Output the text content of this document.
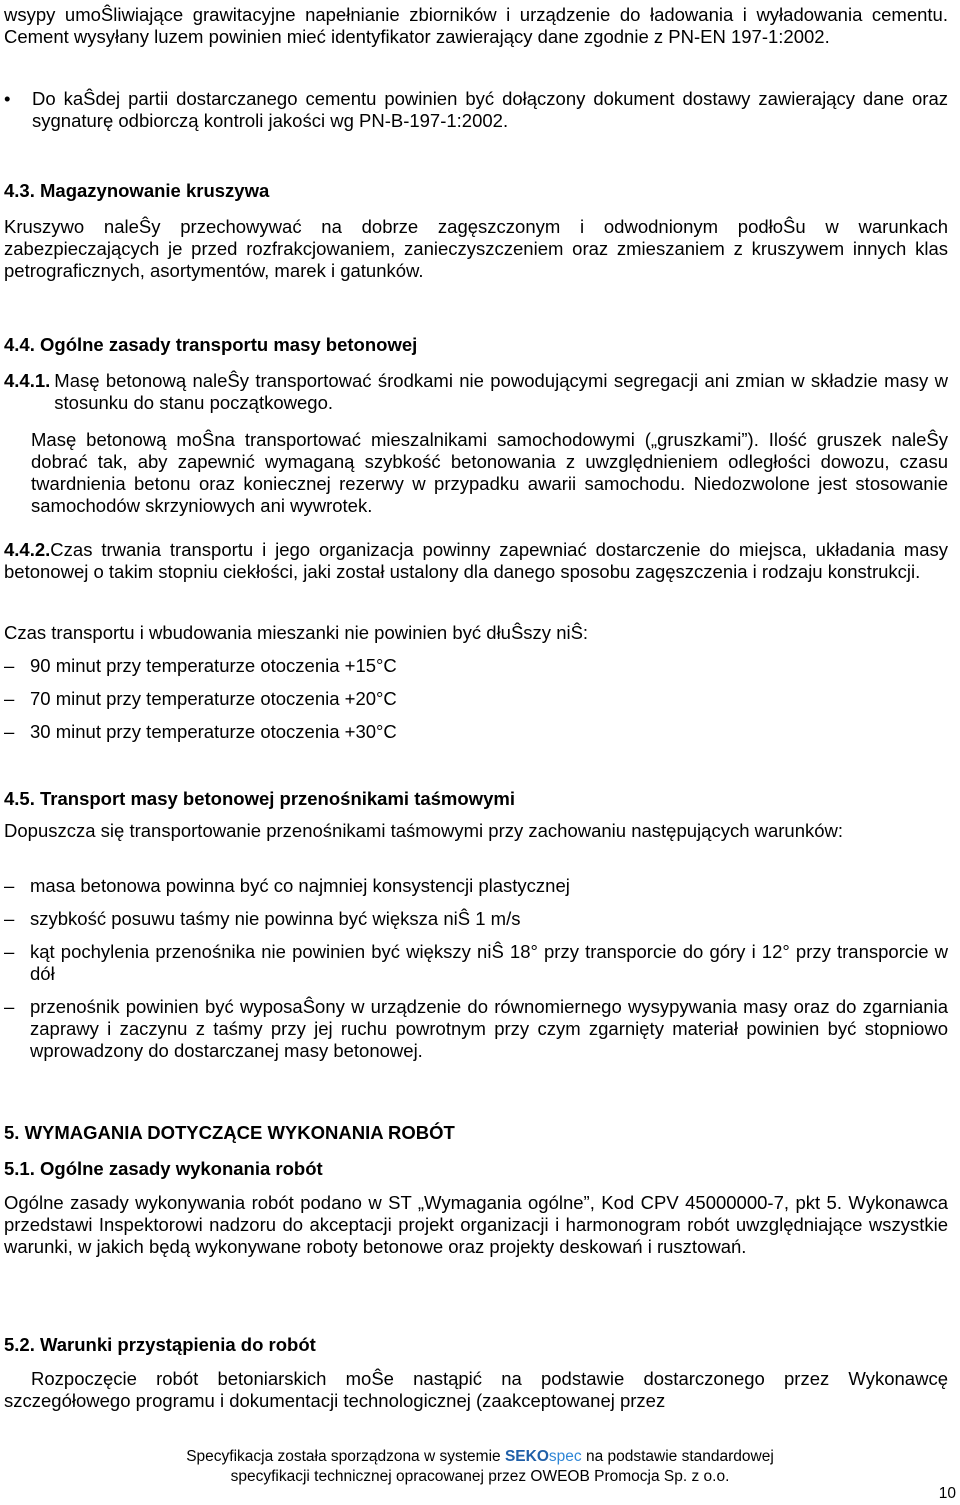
wsypy umoŜliwiające grawitacyjne napełnianie zbiorników i urządzenie do ładowania i wyładowania cementu. Cement wysyłany luzem powinien mieć identyfikator zawierający dane zgodnie z PN-EN 197-1:2002.

•	Do kaŜdej partii dostarczanego cementu powinien być dołączony dokument dostawy zawierający dane oraz sygnaturę odbiorczą kontroli jakości wg PN-B-197-1:2002.

4.3. Magazynowanie kruszywa

Kruszywo naleŜy przechowywać na dobrze zagęszczonym i odwodnionym podłoŜu w warunkach zabezpieczających je przed rozfrakcjowaniem, zanieczyszczeniem oraz zmieszaniem z kruszywem innych klas petrograficznych, asortymentów, marek i gatunków.

4.4. Ogólne zasady transportu masy betonowej

4.4.1. Masę betonową naleŜy transportować środkami nie powodującymi segregacji ani zmian w składzie masy w stosunku do stanu początkowego.

Masę betonową moŜna transportować mieszalnikami samochodowymi („gruszkami”). Ilość gruszek naleŜy dobrać tak, aby zapewnić wymaganą szybkość betonowania z uwzględnieniem odległości dowozu, czasu twardnienia betonu oraz koniecznej rezerwy w przypadku awarii samochodu. Niedozwolone jest stosowanie samochodów skrzyniowych ani wywrotek.

4.4.2.Czas trwania transportu i jego organizacja powinny zapewniać dostarczenie do miejsca, układania masy betonowej o takim stopniu ciekłości, jaki został ustalony dla danego sposobu zagęszczenia i rodzaju konstrukcji.

Czas transportu i wbudowania mieszanki nie powinien być dłuŜszy niŜ:

– 90 minut przy temperaturze otoczenia +15°C
– 70 minut przy temperaturze otoczenia +20°C
– 30 minut przy temperaturze otoczenia +30°C

4.5. Transport masy betonowej przenośnikami taśmowymi

Dopuszcza się transportowanie przenośnikami taśmowymi przy zachowaniu następujących warunków:

– masa betonowa powinna być co najmniej konsystencji plastycznej
– szybkość posuwu taśmy nie powinna być większa niŜ 1 m/s
– kąt pochylenia przenośnika nie powinien być większy niŜ 18° przy transporcie do góry i 12° przy transporcie w dół
– przenośnik powinien być wyposaŜony w urządzenie do równomiernego wysypywania masy oraz do zgarniania zaprawy i zaczynu z taśmy przy jej ruchu powrotnym przy czym zgarnięty materiał powinien być stopniowo wprowadzony do dostarczanej masy betonowej.

5. WYMAGANIA DOTYCZĄCE WYKONANIA ROBÓT

5.1. Ogólne zasady wykonania robót

Ogólne zasady wykonywania robót podano w ST „Wymagania ogólne”, Kod CPV 45000000-7, pkt 5. Wykonawca przedstawi Inspektorowi nadzoru do akceptacji projekt organizacji i harmonogram robót uwzględniające wszystkie warunki, w jakich będą wykonywane roboty betonowe oraz projekty deskowań i rusztowań.

5.2. Warunki przystąpienia do robót

Rozpoczęcie robót betoniarskich moŜe nastąpić na podstawie dostarczonego przez Wykonawcę szczegółowego programu i dokumentacji technologicznej (zaakceptowanej przez

Specyfikacja została sporządzona w systemie SEKOspec na podstawie standardowej
specyfikacji technicznej opracowanej przez OWEOB Promocja Sp. z o.o.
10
